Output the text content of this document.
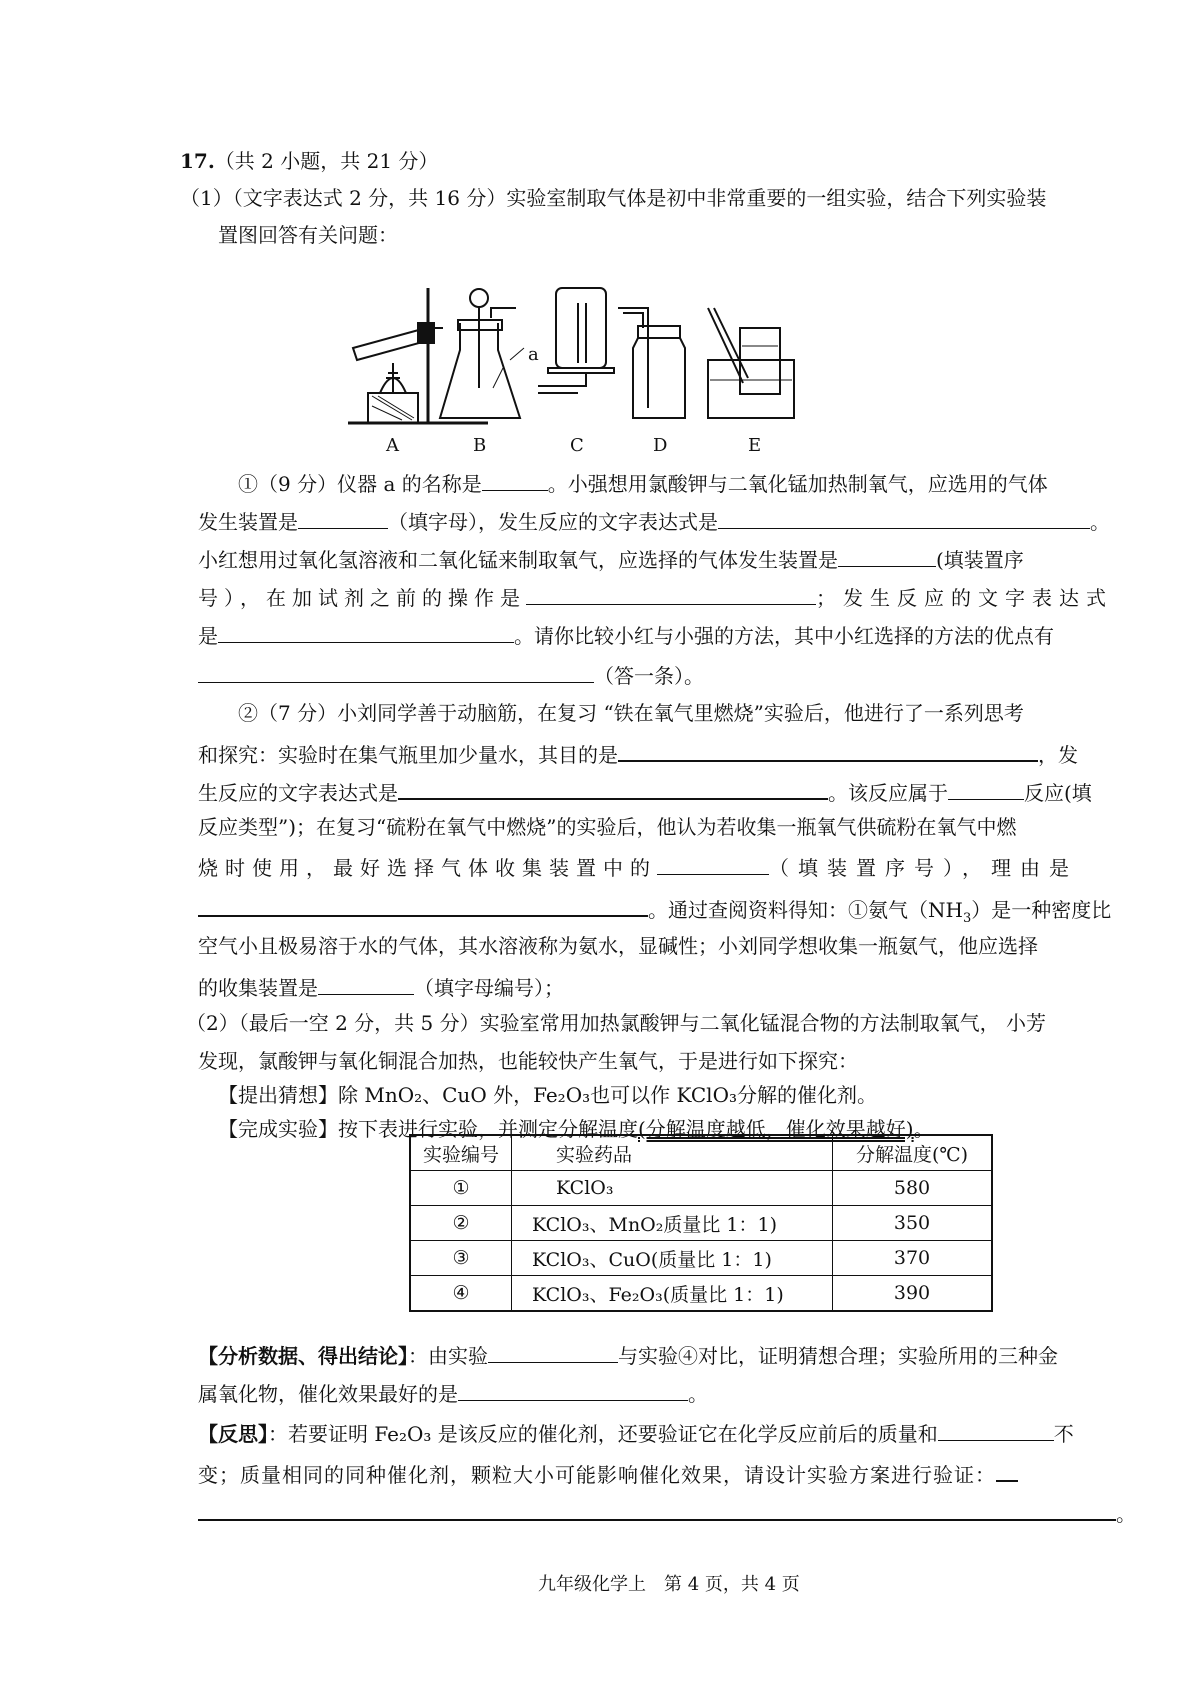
17.（共 2 小题，共 21 分）
（1）（文字表达式 2 分，共 16 分）实验室制取气体是初中非常重要的一组实验，结合下列实验装
置图回答有关问题：
a
A	B	C	D	E
①（9 分）仪器 a 的名称是	。小强想用氯酸钾与二氧化锰加热制氧气，应选用的气体
发生装置是	（填字母），发生反应的文字表达式是	。
小红想用过氧化氢溶液和二氧化锰来制取氧气，应选择的气体发生装置是	(填装置序
号），在加试剂之前的操作是	；发生反应的文字表达式
是	。请你比较小红与小强的方法，其中小红选择的方法的优点有
（答一条）。
②（7 分）小刘同学善于动脑筋，在复习 “铁在氧气里燃烧”实验后，他进行了一系列思考
和探究：实验时在集气瓶里加少量水，其目的是	，发
生反应的文字表达式是	。该反应属于	反应(填
反应类型”)；在复习“硫粉在氧气中燃烧”的实验后，他认为若收集一瓶氧气供硫粉在氧气中燃
烧时使用，最好选择气体收集装置中的	（填装置序号），理由是
。通过查阅资料得知：①氨气$(NH_3)$是一种密度比
空气小且极易溶于水的气体，其水溶液称为氨水，显碱性；小刘同学想收集一瓶氨气，他应选择
的收集装置是	（填字母编号）；
（2）（最后一空 2 分，共 5 分）实验室常用加热氯酸钾与二氧化锰混合物的方法制取氧气， 小芳
发现，氯酸钾与氧化铜混合加热，也能较快产生氧气，于是进行如下探究：
【提出猜想】除 MnO₂、CuO 外，Fe₂O₃也可以作 KClO₃分解的催化剂。
【完成实验】按下表进行实验，并测定分解温度(分解温度越低，催化效果越好)。
实验编号	实验药品	分解温度(℃)
①	KClO₃	580
②	KClO₃、MnO₂质量比 1：1)	350
③	KClO₃、CuO(质量比 1：1)	370
④	KClO₃、Fe₂O₃(质量比 1：1)	390
【分析数据、得出结论】：由实验	与实验④对比，证明猜想合理；实验所用的三种金
属氧化物，催化效果最好的是	。
【反思】：若要证明 Fe₂O₃ 是该反应的催化剂，还要验证它在化学反应前后的质量和	不
变；质量相同的同种催化剂，颗粒大小可能影响催化效果，请设计实验方案进行验证：
。
九年级化学上　第 4 页，共 4 页
